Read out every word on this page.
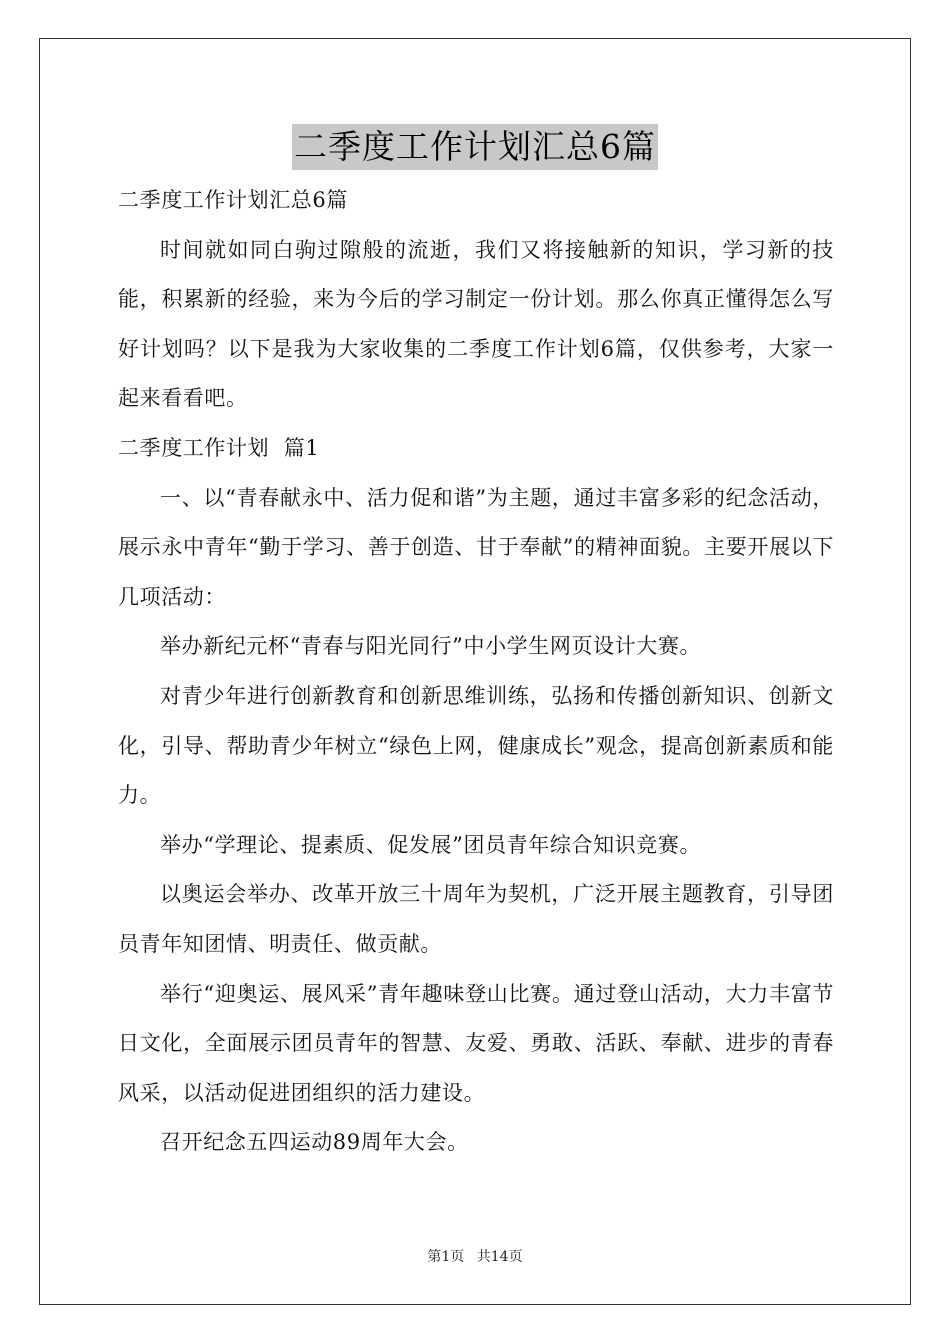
二季度工作计划汇总6篇

二季度工作计划汇总6篇

时间就如同白驹过隙般的流逝，我们又将接触新的知识，学习新的技能，积累新的经验，来为今后的学习制定一份计划。那么你真正懂得怎么写好计划吗？以下是我为大家收集的二季度工作计划6篇，仅供参考，大家一起来看看吧。

二季度工作计划  篇1

一、以“青春献永中、活力促和谐”为主题，通过丰富多彩的纪念活动，展示永中青年“勤于学习、善于创造、甘于奉献”的精神面貌。主要开展以下几项活动：

举办新纪元杯“青春与阳光同行”中小学生网页设计大赛。

对青少年进行创新教育和创新思维训练，弘扬和传播创新知识、创新文化，引导、帮助青少年树立“绿色上网，健康成长”观念，提高创新素质和能力。

举办“学理论、提素质、促发展”团员青年综合知识竞赛。

以奥运会举办、改革开放三十周年为契机，广泛开展主题教育，引导团员青年知团情、明责任、做贡献。

举行“迎奥运、展风采”青年趣味登山比赛。通过登山活动，大力丰富节日文化，全面展示团员青年的智慧、友爱、勇敢、活跃、奉献、进步的青春风采，以活动促进团组织的活力建设。

召开纪念五四运动89周年大会。

第1页 共14页
